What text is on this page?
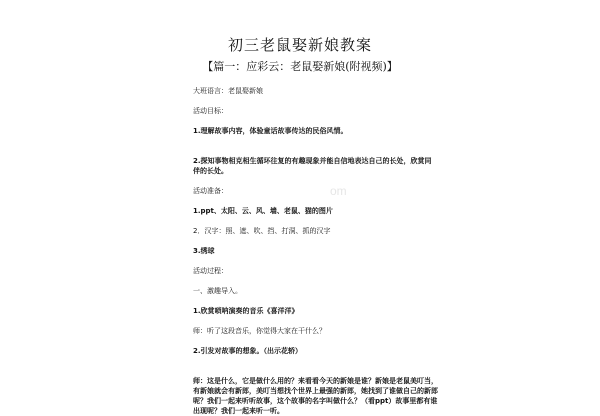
初三老鼠娶新娘教案
【篇一：应彩云：老鼠娶新娘(附视频)】

大班语言：老鼠娶新娘

活动目标：

1.理解故事内容，体验童话故事传达的民俗风情。

2.探知事物相克相生循环往复的有趣现象并能自信地表达自己的长处，欣赏同伴的长处。

活动准备：

1.ppt、太阳、云、风、墙、老鼠、猫的图片

2．汉字：照、遮、吹、挡、打洞、抓的汉字

3.绣球

活动过程：

一、激趣导入。

1.欣赏唢呐演奏的音乐《喜洋洋》

师：听了这段音乐，你觉得大家在干什么？

2.引发对故事的想象。（出示花轿）

师：这是什么，它是做什么用的？来看看今天的新娘是谁？新娘是老鼠美叮当，有新娘就会有新郎，美叮当想找个世界上最强的新郎，她找到了谁做自己的新郎呢？我们一起来听听故事，这个故事的名字叫做什么？（看ppt）故事里都有谁出现呢？我们一起来听一听。

om
